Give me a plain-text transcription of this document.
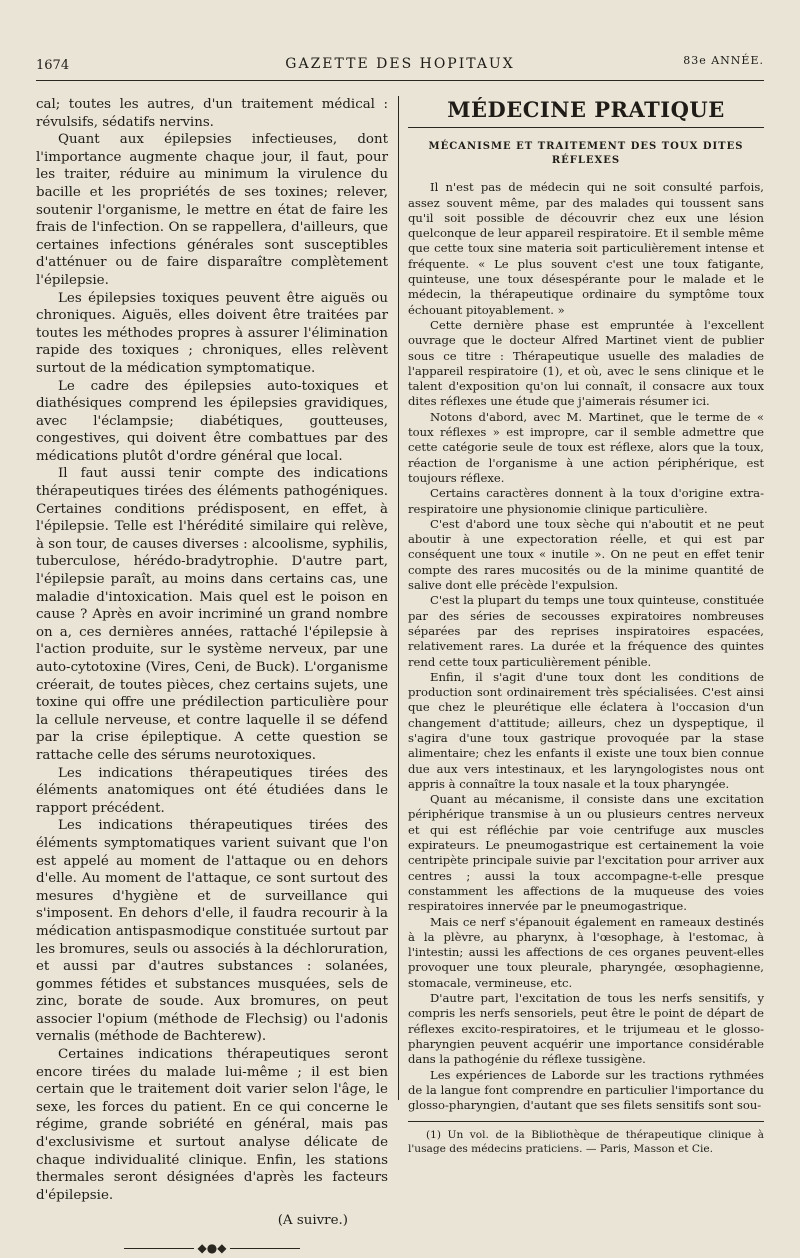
1674	GAZETTE DES HOPITAUX	83e ANNÉE.

cal; toutes les autres, d'un traitement médical : révulsifs, sédatifs nervins.

Quant aux épilepsies infectieuses, dont l'importance augmente chaque jour, il faut, pour les traiter, réduire au minimum la virulence du bacille et les propriétés de ses toxines; relever, soutenir l'organisme, le mettre en état de faire les frais de l'infection. On se rappellera, d'ailleurs, que certaines infections générales sont susceptibles d'atténuer ou de faire disparaître complètement l'épilepsie.

Les épilepsies toxiques peuvent être aiguës ou chroniques. Aiguës, elles doivent être traitées par toutes les méthodes propres à assurer l'élimination rapide des toxiques ; chroniques, elles relèvent surtout de la médication symptomatique.

Le cadre des épilepsies auto-toxiques et diathésiques comprend les épilepsies gravidiques, avec l'éclampsie; diabétiques, goutteuses, congestives, qui doivent être combattues par des médications plutôt d'ordre général que local.

Il faut aussi tenir compte des indications thérapeutiques tirées des éléments pathogéniques. Certaines conditions prédisposent, en effet, à l'épilepsie. Telle est l'hérédité similaire qui relève, à son tour, de causes diverses : alcoolisme, syphilis, tuberculose, hérédo-bradytrophie. D'autre part, l'épilepsie paraît, au moins dans certains cas, une maladie d'intoxication. Mais quel est le poison en cause ? Après en avoir incriminé un grand nombre on a, ces dernières années, rattaché l'épilepsie à l'action produite, sur le système nerveux, par une auto-cytotoxine (Vires, Ceni, de Buck). L'organisme créerait, de toutes pièces, chez certains sujets, une toxine qui offre une prédilection particulière pour la cellule nerveuse, et contre laquelle il se défend par la crise épileptique. A cette question se rattache celle des sérums neurotoxiques.

Les indications thérapeutiques tirées des éléments anatomiques ont été étudiées dans le rapport précédent.

Les indications thérapeutiques tirées des éléments symptomatiques varient suivant que l'on est appelé au moment de l'attaque ou en dehors d'elle. Au moment de l'attaque, ce sont surtout des mesures d'hygiène et de surveillance qui s'imposent. En dehors d'elle, il faudra recourir à la médication antispasmodique constituée surtout par les bromures, seuls ou associés à la déchloruration, et aussi par d'autres substances : solanées, gommes fétides et substances musquées, sels de zinc, borate de soude. Aux bromures, on peut associer l'opium (méthode de Flechsig) ou l'adonis vernalis (méthode de Bachterew).

Certaines indications thérapeutiques seront encore tirées du malade lui-même ; il est bien certain que le traitement doit varier selon l'âge, le sexe, les forces du patient. En ce qui concerne le régime, grande sobriété en général, mais pas d'exclusivisme et surtout analyse délicate de chaque individualité clinique. Enfin, les stations thermales seront désignées d'après les facteurs d'épilepsie.

(A suivre.)
◆●◆
MÉDECINE PRATIQUE
MÉCANISME ET TRAITEMENT DES TOUX DITES RÉFLEXES

Il n'est pas de médecin qui ne soit consulté parfois, assez souvent même, par des malades qui toussent sans qu'il soit possible de découvrir chez eux une lésion quelconque de leur appareil respiratoire. Et il semble même que cette toux sine materia soit particulièrement intense et fréquente. « Le plus souvent c'est une toux fatigante, quinteuse, une toux désespérante pour le malade et le médecin, la thérapeutique ordinaire du symptôme toux échouant pitoyablement. »

Cette dernière phase est empruntée à l'excellent ouvrage que le docteur Alfred Martinet vient de publier sous ce titre : Thérapeutique usuelle des maladies de l'appareil respiratoire (1), et où, avec le sens clinique et le talent d'exposition qu'on lui connaît, il consacre aux toux dites réflexes une étude que j'aimerais résumer ici.

Notons d'abord, avec M. Martinet, que le terme de « toux réflexes » est impropre, car il semble admettre que cette catégorie seule de toux est réflexe, alors que la toux, réaction de l'organisme à une action périphérique, est toujours réflexe.

Certains caractères donnent à la toux d'origine extra-respiratoire une physionomie clinique particulière.

C'est d'abord une toux sèche qui n'aboutit et ne peut aboutir à une expectoration réelle, et qui est par conséquent une toux « inutile ». On ne peut en effet tenir compte des rares mucosités ou de la minime quantité de salive dont elle précède l'expulsion.

C'est la plupart du temps une toux quinteuse, constituée par des séries de secousses expiratoires nombreuses séparées par des reprises inspiratoires espacées, relativement rares. La durée et la fréquence des quintes rend cette toux particulièrement pénible.

Enfin, il s'agit d'une toux dont les conditions de production sont ordinairement très spécialisées. C'est ainsi que chez le pleurétique elle éclatera à l'occasion d'un changement d'attitude; ailleurs, chez un dyspeptique, il s'agira d'une toux gastrique provoquée par la stase alimentaire; chez les enfants il existe une toux bien connue due aux vers intestinaux, et les laryngologistes nous ont appris à connaître la toux nasale et la toux pharyngée.

Quant au mécanisme, il consiste dans une excitation périphérique transmise à un ou plusieurs centres nerveux et qui est réfléchie par voie centrifuge aux muscles expirateurs. Le pneumogastrique est certainement la voie centripète principale suivie par l'excitation pour arriver aux centres ; aussi la toux accompagne-t-elle presque constamment les affections de la muqueuse des voies respiratoires innervée par le pneumogastrique.

Mais ce nerf s'épanouit également en rameaux destinés à la plèvre, au pharynx, à l'œsophage, à l'estomac, à l'intestin; aussi les affections de ces organes peuvent-elles provoquer une toux pleurale, pharyngée, œsophagienne, stomacale, vermineuse, etc.

D'autre part, l'excitation de tous les nerfs sensitifs, y compris les nerfs sensoriels, peut être le point de départ de réflexes excito-respiratoires, et le trijumeau et le glosso-pharyngien peuvent acquérir une importance considérable dans la pathogénie du réflexe tussigène.

Les expériences de Laborde sur les tractions rythmées de la langue font comprendre en particulier l'importance du glosso-pharyngien, d'autant que ses filets sensitifs sont sou-

(1) Un vol. de la Bibliothèque de thérapeutique clinique à l'usage des médecins praticiens. — Paris, Masson et Cie.
